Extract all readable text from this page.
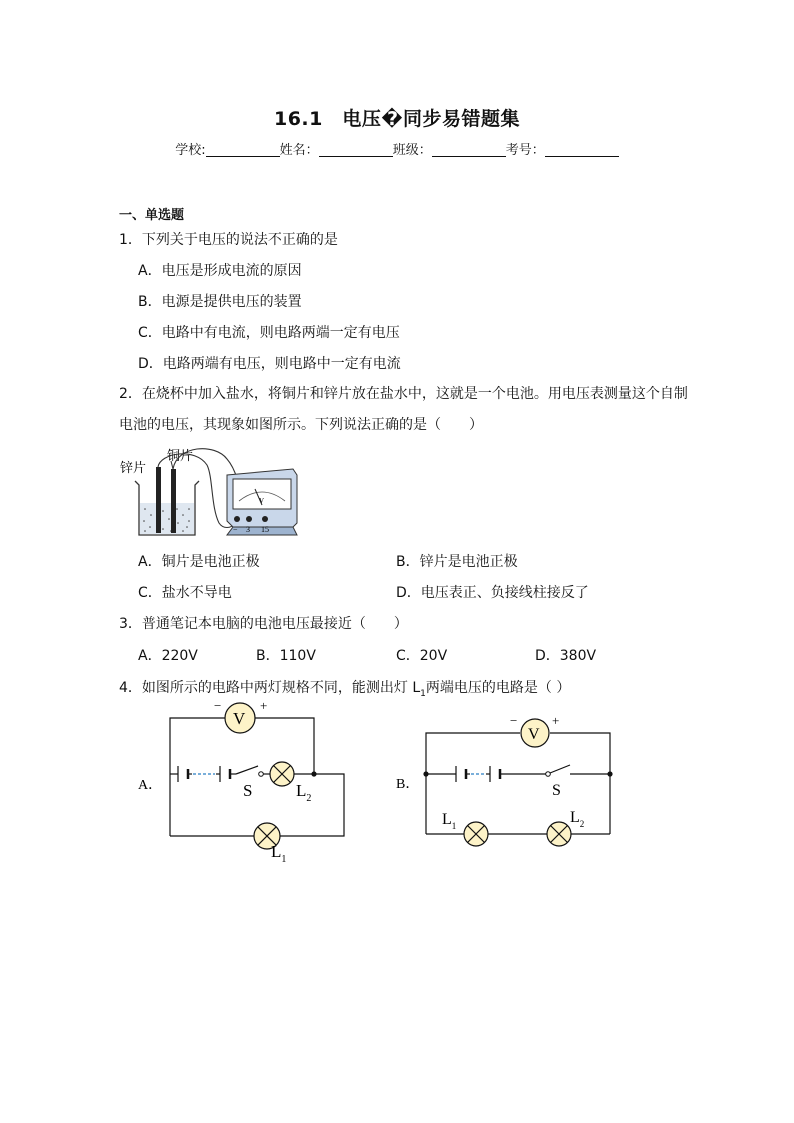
16.1　电压�同步易错题集
学校:	姓名：	班级：	考号：
一、单选题
1．下列关于电压的说法不正确的是
A．电压是形成电流的原因
B．电源是提供电压的装置
C．电路中有电流，则电路两端一定有电压
D．电路两端有电压，则电路中一定有电流
2．在烧杯中加入盐水，将铜片和锌片放在盐水中，这就是一个电池。用电压表测量这个自制电池的电压，其现象如图所示。下列说法正确的是（　　）
锌片
铜片
V
− 3 15
A．铜片是电池正极	B．锌片是电池正极
C．盐水不导电	D．电压表正、负接线柱接反了
3．普通笔记本电脑的电池电压最接近（　　）
A．220V	B．110V	C．20V	D．380V
4．如图所示的电路中两灯规格不同，能测出灯 $L_1$两端电压的电路是（ ）
A．
V
−	+
S	$L_2$
$L_1$
B．
V
−	+
S
$L_1$	$L_2$
